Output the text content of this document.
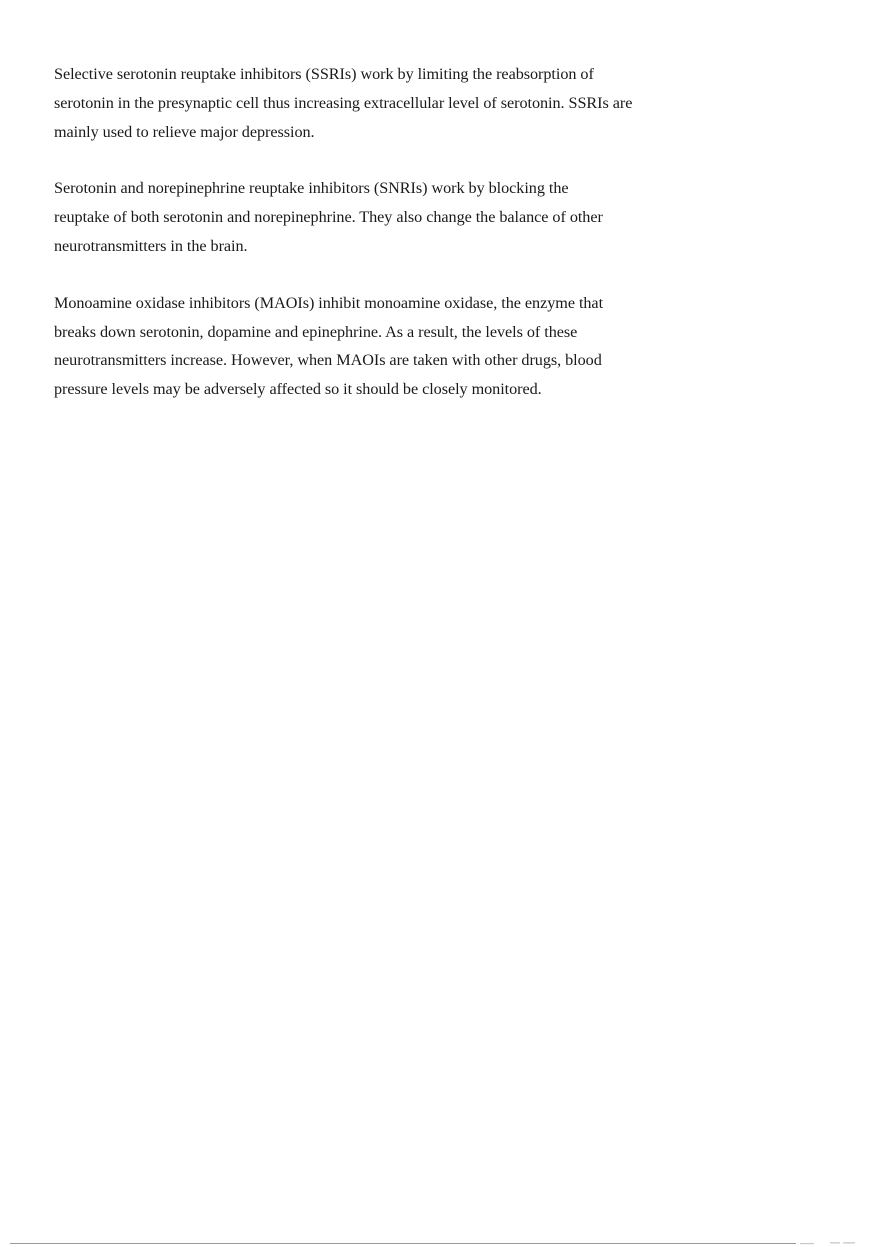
Selective serotonin reuptake inhibitors (SSRIs) work by limiting the reabsorption of
serotonin in the presynaptic cell thus increasing extracellular level of serotonin. SSRIs are
mainly used to relieve major depression.

Serotonin and norepinephrine reuptake inhibitors (SNRIs) work by blocking the
reuptake of both serotonin and norepinephrine. They also change the balance of other
neurotransmitters in the brain.

Monoamine oxidase inhibitors (MAOIs) inhibit monoamine oxidase, the enzyme that
breaks down serotonin, dopamine and epinephrine. As a result, the levels of these
neurotransmitters increase. However, when MAOIs are taken with other drugs, blood
pressure levels may be adversely affected so it should be closely monitored.
